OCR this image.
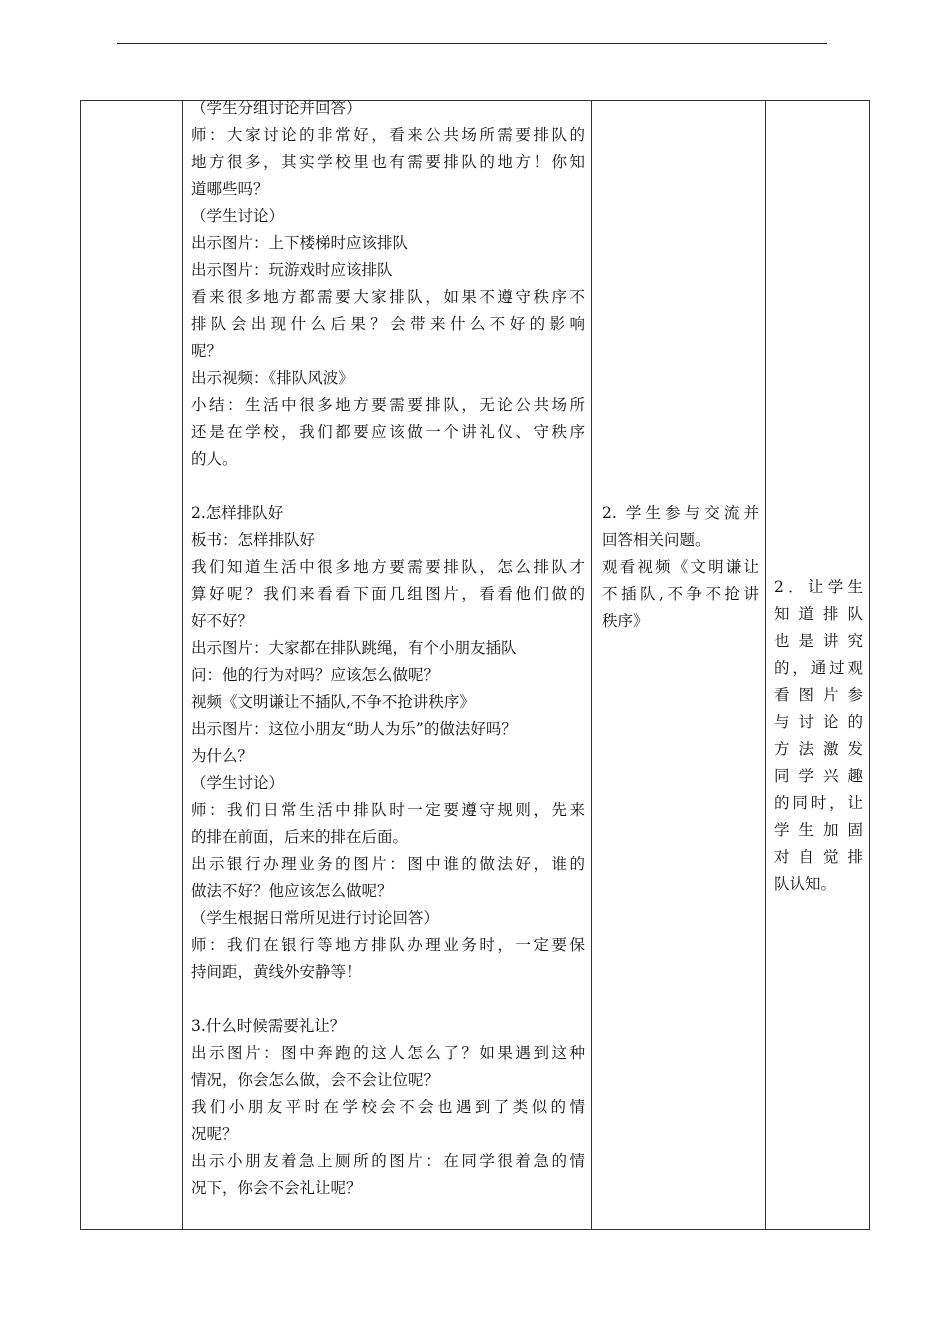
（学生分组讨论并回答）
师：大家讨论的非常好，看来公共场所需要排队的
地方很多，其实学校里也有需要排队的地方！你知
道哪些吗？
（学生讨论）
出示图片：上下楼梯时应该排队
出示图片：玩游戏时应该排队
看来很多地方都需要大家排队，如果不遵守秩序不
排队会出现什么后果？会带来什么不好的影响
呢？
出示视频：《排队风波》
小结：生活中很多地方要需要排队，无论公共场所
还是在学校，我们都要应该做一个讲礼仪、守秩序
的人。
2.怎样排队好
板书：怎样排队好
我们知道生活中很多地方要需要排队，怎么排队才
算好呢？我们来看看下面几组图片，看看他们做的
好不好？
出示图片：大家都在排队跳绳，有个小朋友插队
问：他的行为对吗？应该怎么做呢？
视频《文明谦让不插队,不争不抢讲秩序》
出示图片：这位小朋友“助人为乐”的做法好吗？
为什么？
（学生讨论）
师：我们日常生活中排队时一定要遵守规则，先来
的排在前面，后来的排在后面。
出示银行办理业务的图片：图中谁的做法好，谁的
做法不好？他应该怎么做呢？
（学生根据日常所见进行讨论回答）
师：我们在银行等地方排队办理业务时，一定要保
持间距，黄线外安静等！
3.什么时候需要礼让？
出示图片：图中奔跑的这人怎么了？如果遇到这种
情况，你会怎么做，会不会让位呢？
我们小朋友平时在学校会不会也遇到了类似的情
况呢？
出示小朋友着急上厕所的图片：在同学很着急的情
况下，你会不会礼让呢？
2. 学生参与交流并
回答相关问题。
观看视频《文明谦让
不插队,不争不抢讲
秩序》
2．让学生
知 道 排 队
也 是 讲 究
的，通过观
看 图 片 参
与 讨 论 的
方 法 激 发
同 学 兴 趣
的同时，让
学 生 加 固
对 自 觉 排
队认知。
